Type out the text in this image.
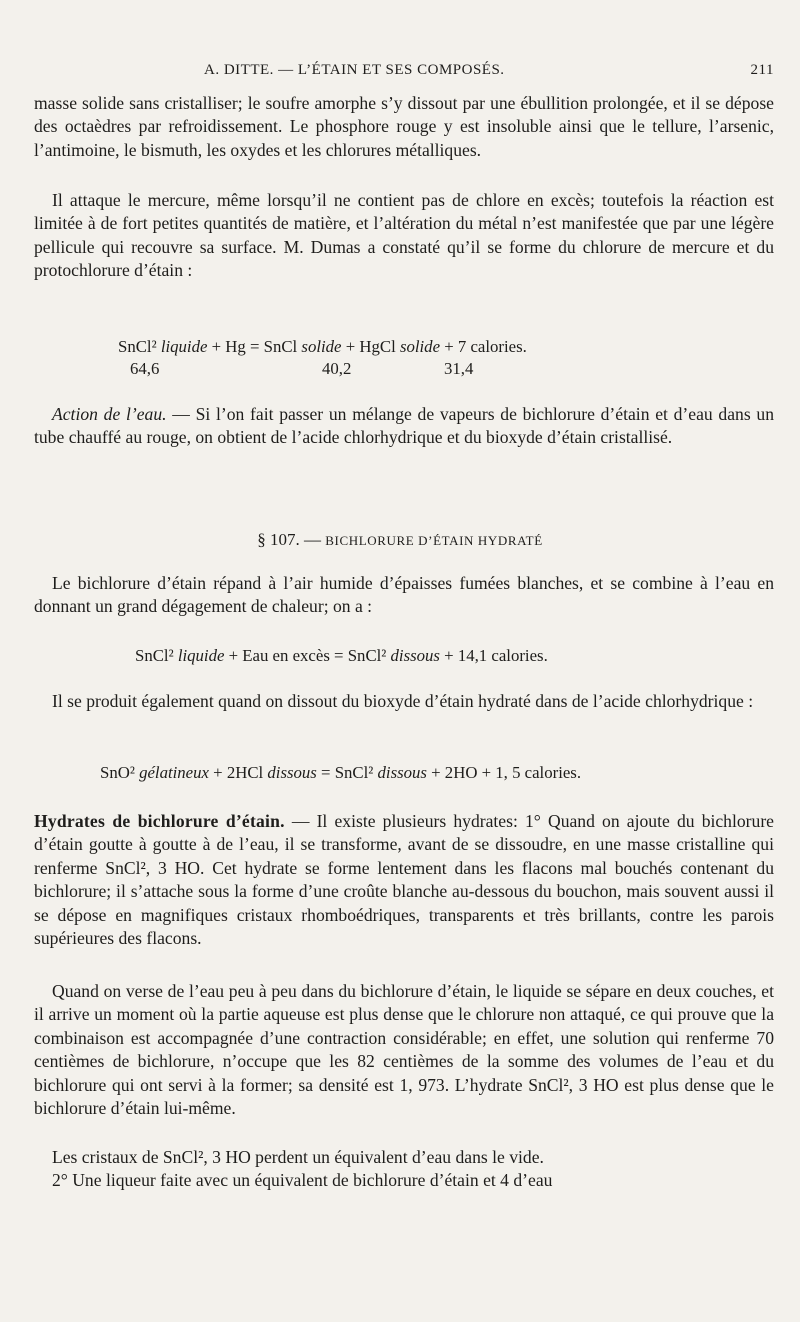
A. DITTE. — L’ÉTAIN ET SES COMPOSÉS.	211

masse solide sans cristalliser; le soufre amorphe s’y dissout par une ébullition prolongée, et il se dépose des octaèdres par refroidissement. Le phosphore rouge y est insoluble ainsi que le tellure, l’arsenic, l’antimoine, le bismuth, les oxydes et les chlorures métalliques.

Il attaque le mercure, même lorsqu’il ne contient pas de chlore en excès; toutefois la réaction est limitée à de fort petites quantités de matière, et l’altération du métal n’est manifestée que par une légère pellicule qui recouvre sa surface. M. Dumas a constaté qu’il se forme du chlorure de mercure et du protochlorure d’étain :

SnCl² liquide + Hg = SnCl solide + HgCl solide + 7 calories.
64,6	40,2	31,4

Action de l’eau. — Si l’on fait passer un mélange de vapeurs de bichlorure d’étain et d’eau dans un tube chauffé au rouge, on obtient de l’acide chlorhydrique et du bioxyde d’étain cristallisé.

§ 107. — BICHLORURE D’ÉTAIN HYDRATÉ

Le bichlorure d’étain répand à l’air humide d’épaisses fumées blanches, et se combine à l’eau en donnant un grand dégagement de chaleur; on a :

SnCl² liquide + Eau en excès = SnCl² dissous + 14,1 calories.

Il se produit également quand on dissout du bioxyde d’étain hydraté dans de l’acide chlorhydrique :

SnO² gélatineux + 2HCl dissous = SnCl² dissous + 2HO + 1, 5 calories.

Hydrates de bichlorure d’étain. — Il existe plusieurs hydrates: 1° Quand on ajoute du bichlorure d’étain goutte à goutte à de l’eau, il se transforme, avant de se dissoudre, en une masse cristalline qui renferme SnCl², 3 HO. Cet hydrate se forme lentement dans les flacons mal bouchés contenant du bichlorure; il s’attache sous la forme d’une croûte blanche au-dessous du bouchon, mais souvent aussi il se dépose en magnifiques cristaux rhomboédriques, transparents et très brillants, contre les parois supérieures des flacons.

Quand on verse de l’eau peu à peu dans du bichlorure d’étain, le liquide se sépare en deux couches, et il arrive un moment où la partie aqueuse est plus dense que le chlorure non attaqué, ce qui prouve que la combinaison est accompagnée d’une contraction considérable; en effet, une solution qui renferme 70 centièmes de bichlorure, n’occupe que les 82 centièmes de la somme des volumes de l’eau et du bichlorure qui ont servi à la former; sa densité est 1, 973. L’hydrate SnCl², 3 HO est plus dense que le bichlorure d’étain lui-même.

Les cristaux de SnCl², 3 HO perdent un équivalent d’eau dans le vide.

2° Une liqueur faite avec un équivalent de bichlorure d’étain et 4 d’eau
